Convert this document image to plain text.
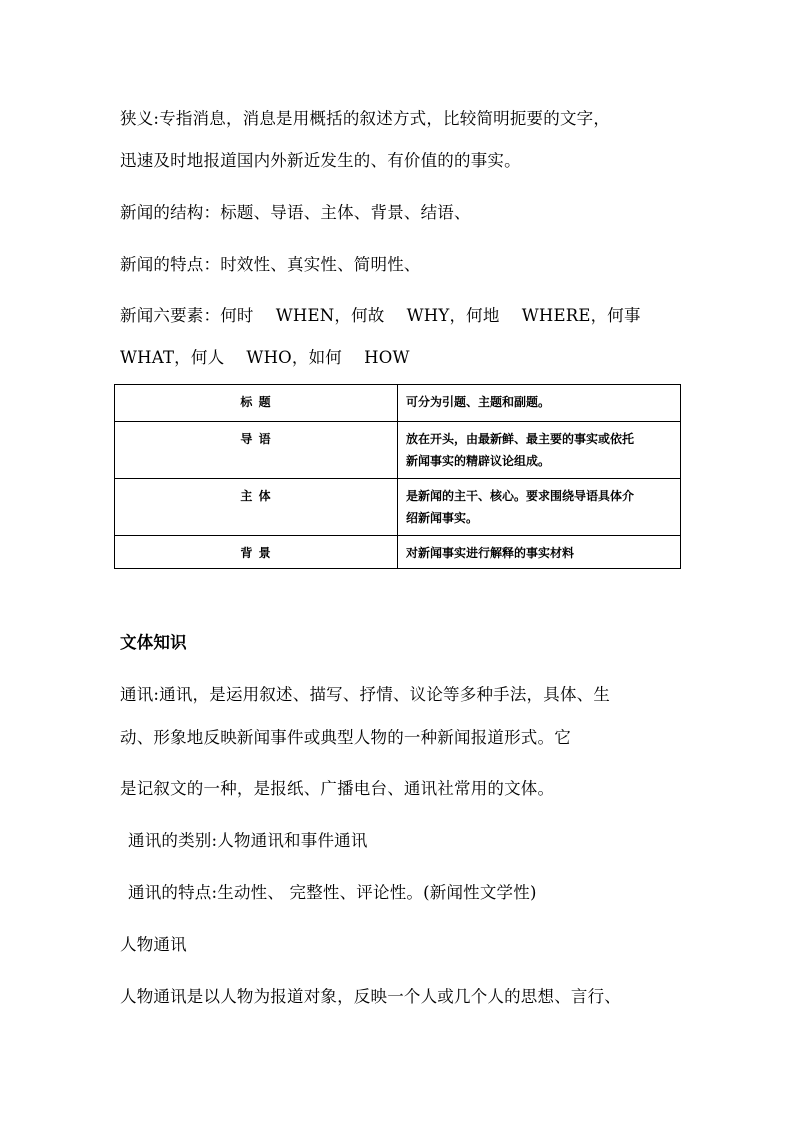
狭义:专指消息，消息是用概括的叙述方式，比较简明扼要的文字，
迅速及时地报道国内外新近发生的、有价值的的事实。
新闻的结构：标题、导语、主体、背景、结语、
新闻的特点：时效性、真实性、简明性、
新闻六要素：何时　 WHEN，何故　 WHY，何地　 WHERE，何事
WHAT，何人　 WHO，如何　 HOW
标 题	可分为引题、主题和副题。

导 语	放在开头，由最新鲜、最主要的事实或依托
新闻事实的精辟议论组成。

主 体	是新闻的主干、核心。要求围绕导语具体介
绍新闻事实。

背 景	对新闻事实进行解释的事实材料
文体知识
通讯:通讯，是运用叙述、描写、抒情、议论等多种手法，具体、生
动、形象地反映新闻事件或典型人物的一种新闻报道形式。它
是记叙文的一种，是报纸、广播电台、通讯社常用的文体。
通讯的类别:人物通讯和事件通讯
通讯的特点:生动性、 完整性、评论性。(新闻性文学性)
人物通讯
人物通讯是以人物为报道对象，反映一个人或几个人的思想、言行、
